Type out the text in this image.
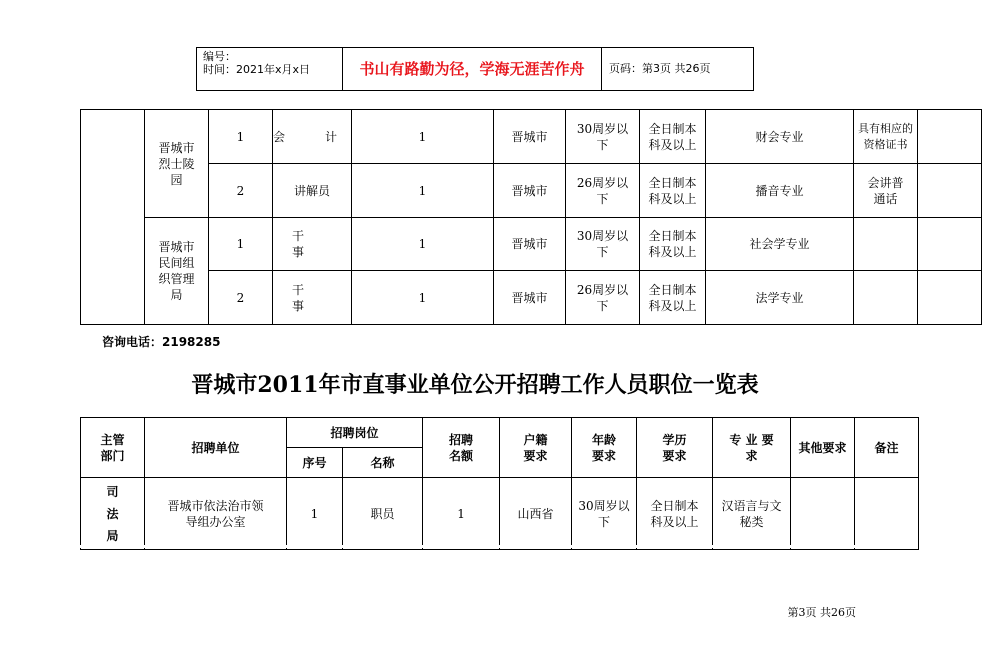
编号：
时间：2021年x月x日	书山有路勤为径，学海无涯苦作舟	页码：第3页 共26页
	晋城市烈士陵园	1	会　计	1	晋城市	30周岁以下	全日制本科及以上	财会专业	具有相应的资格证书	
		2	讲解员	1	晋城市	26周岁以下	全日制本科及以上	播音专业	会讲普通话	
	晋城市民间组织管理局	1	干　事	1	晋城市	30周岁以下	全日制本科及以上	社会学专业		
		2	干　事	1	晋城市	26周岁以下	全日制本科及以上	法学专业		
咨询电话：2198285
晋城市2011年市直事业单位公开招聘工作人员职位一览表
主管部门	招聘单位	招聘岗位		招聘名额	户籍要求	年龄要求	学历要求	专 业 要 求	其他要求	备注
		序号	名称							
司法局	晋城市依法治市领导组办公室	1	职员	1	山西省	30周岁以下	全日制本科及以上	汉语言与文秘类		
第3页 共26页
